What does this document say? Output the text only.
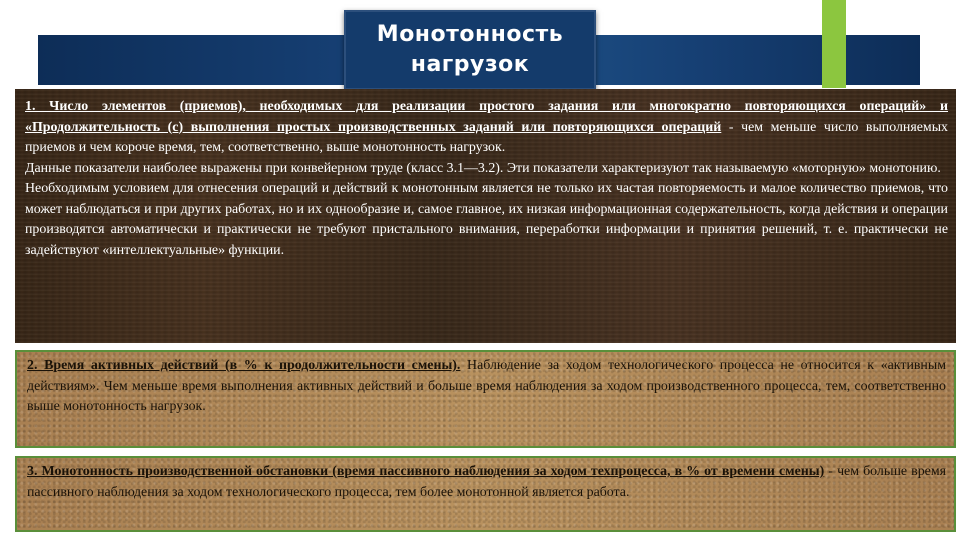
Монотонность нагрузок

1. Число элементов (приемов), необходимых для реализации простого задания или многократно повторяющихся операций» и «Продолжительность (с) выполнения простых производственных заданий или повторяющихся операций - чем меньше число выполняемых приемов и чем короче время, тем, соответственно, выше монотонность нагрузок.

Данные показатели наиболее выражены при конвейерном труде (класс 3.1—3.2). Эти показатели характеризуют так называемую «моторную» монотонию.

Необходимым условием для отнесения операций и действий к монотонным является не только их частая повторяемость и малое количество приемов, что может наблюдаться и при других работах, но и их однообразие и, самое главное, их низкая информационная содержательность, когда действия и операции производятся автоматически и практически не требуют пристального внимания, переработки информации и принятия решений, т. е. практически не задействуют «интеллектуальные» функции.

2. Время активных действий (в % к продолжительности смены). Наблюдение за ходом технологического процесса не относится к «активным действиям». Чем меньше время выполнения активных действий и больше время наблюдения за ходом производственного процесса, тем, соответственно выше монотонность нагрузок.

3. Монотонность производственной обстановки (время пассивного наблюдения за ходом техпроцесса, в % от времени смены) - чем больше время пассивного наблюдения за ходом технологического процесса, тем более монотонной является работа.
